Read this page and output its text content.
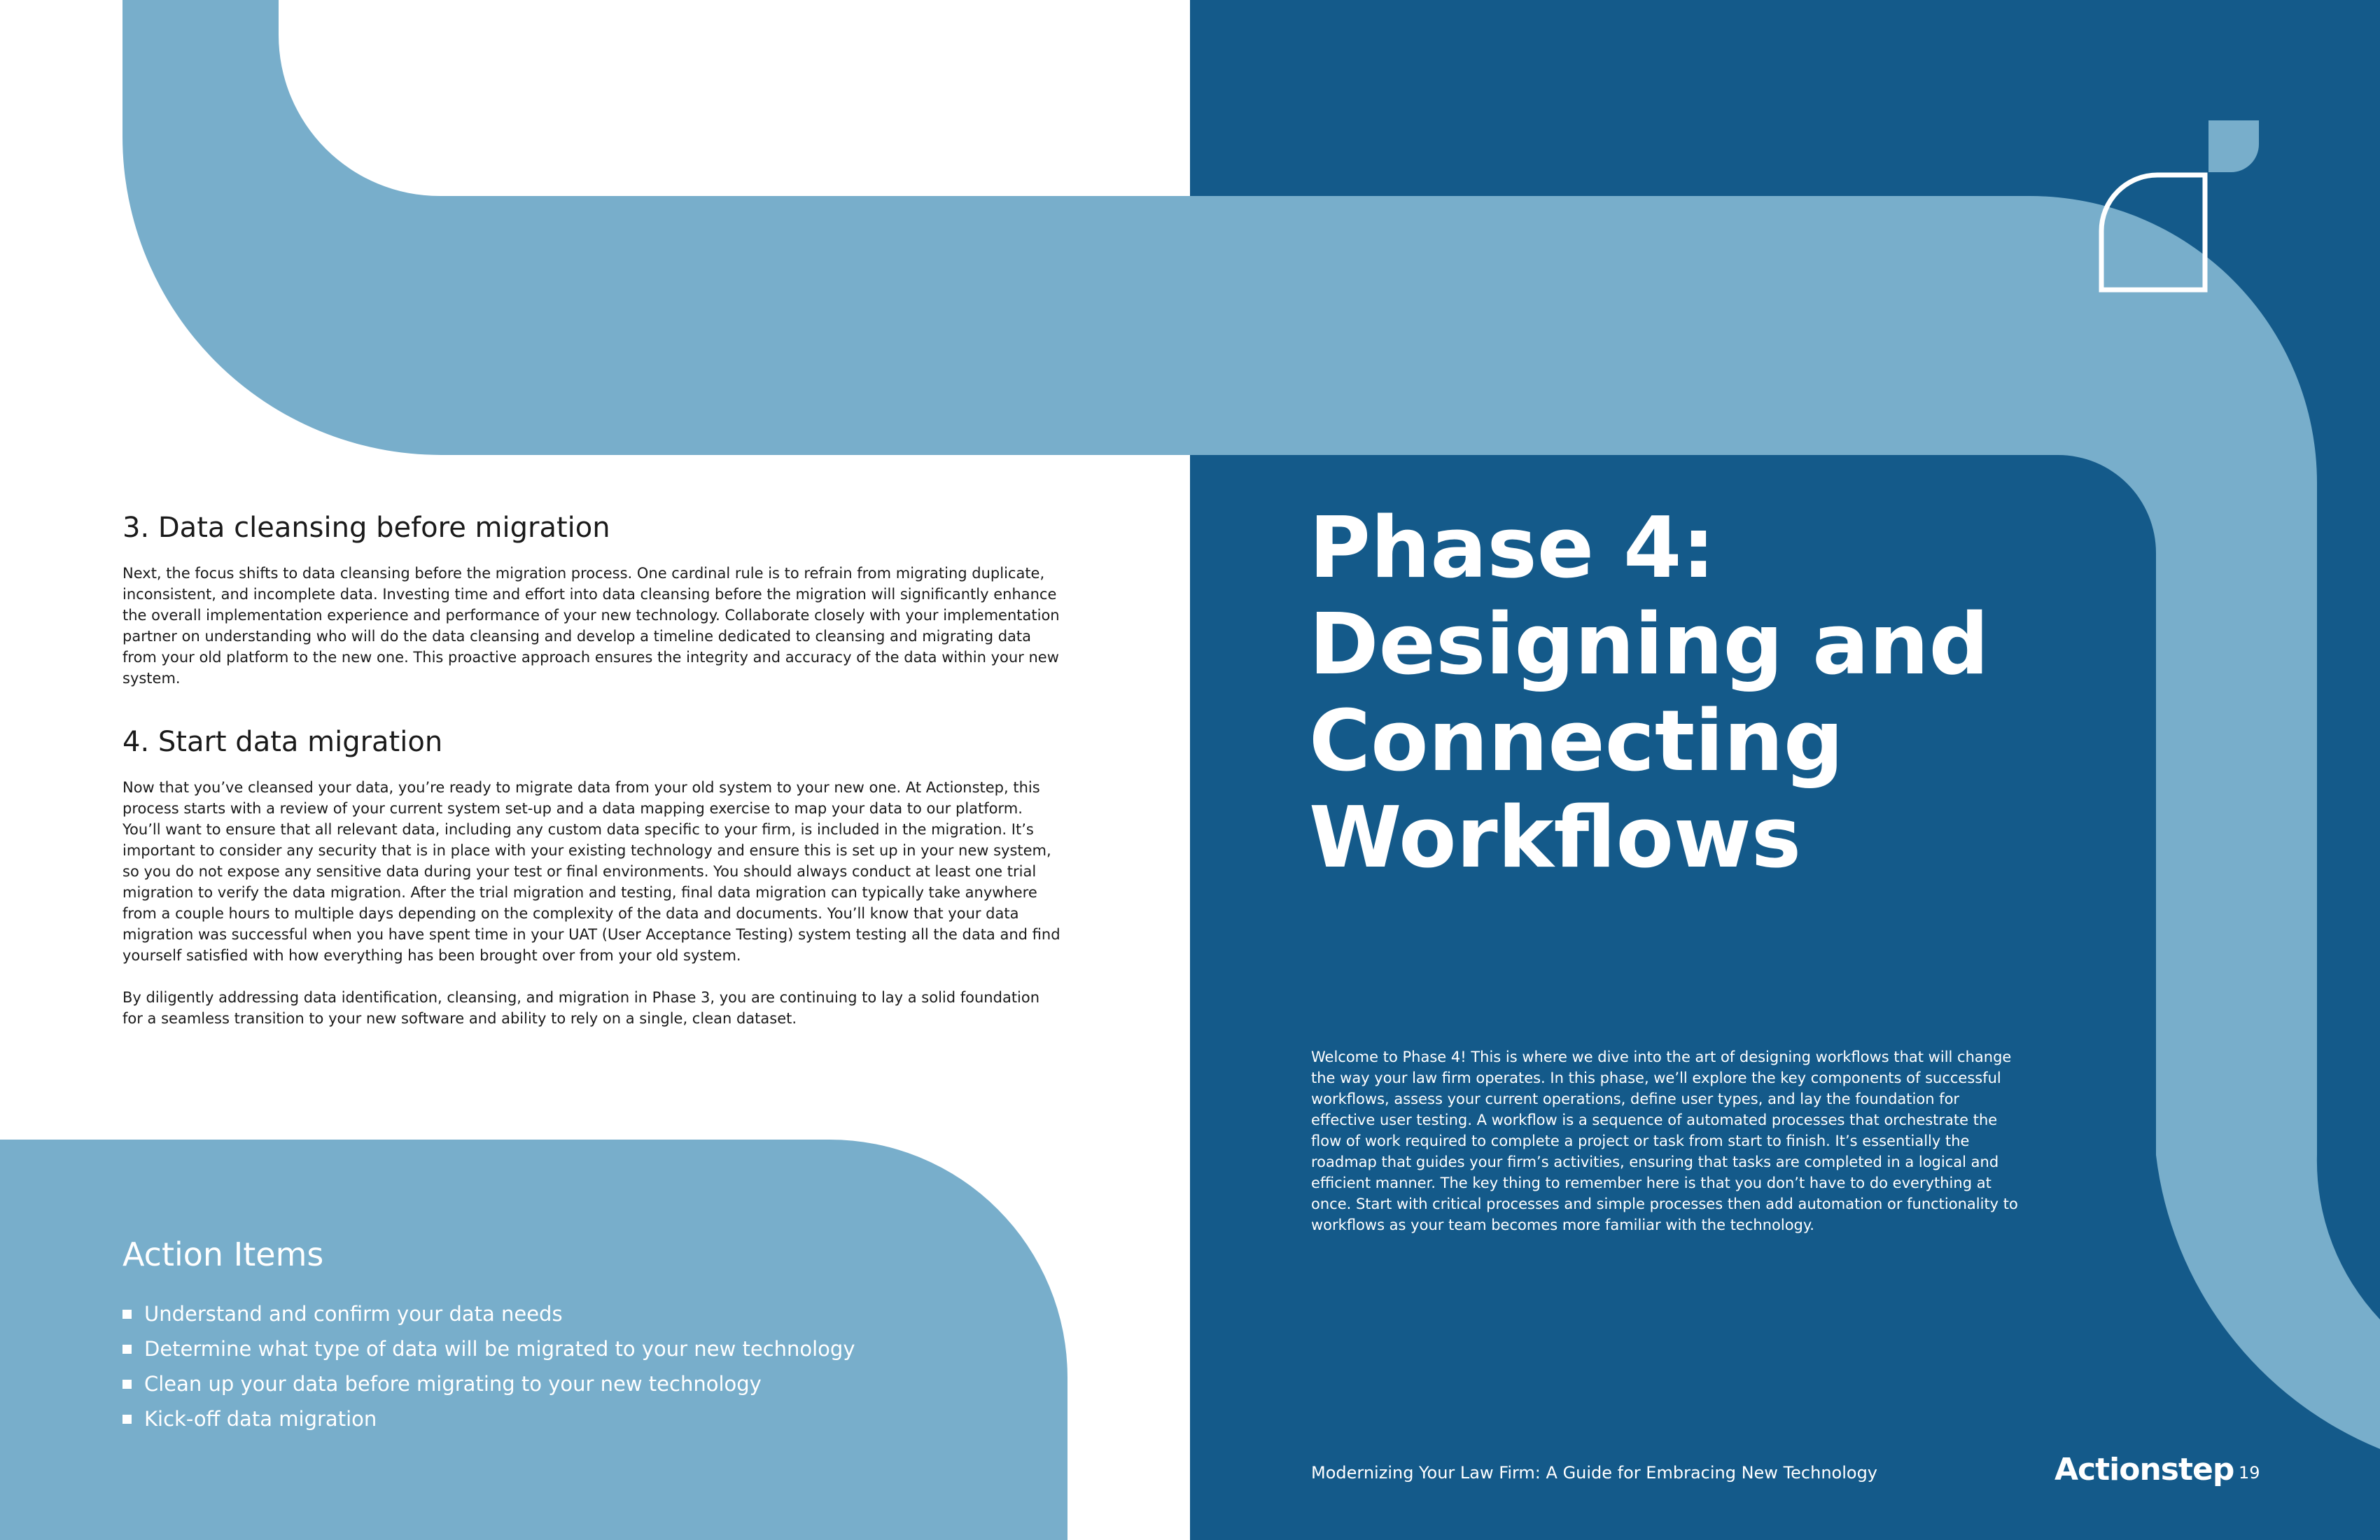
3. Data cleansing before migration

Next, the focus shifts to data cleansing before the migration process. One cardinal rule is to refrain from migrating duplicate, inconsistent, and incomplete data. Investing time and effort into data cleansing before the migration will significantly enhance the overall implementation experience and performance of your new technology. Collaborate closely with your implementation partner on understanding who will do the data cleansing and develop a timeline dedicated to cleansing and migrating data from your old platform to the new one. This proactive approach ensures the integrity and accuracy of the data within your new system.

4. Start data migration

Now that you’ve cleansed your data, you’re ready to migrate data from your old system to your new one. At Actionstep, this process starts with a review of your current system set-up and a data mapping exercise to map your data to our platform. You’ll want to ensure that all relevant data, including any custom data specific to your firm, is included in the migration. It’s important to consider any security that is in place with your existing technology and ensure this is set up in your new system, so you do not expose any sensitive data during your test or final environments. You should always conduct at least one trial migration to verify the data migration. After the trial migration and testing, final data migration can typically take anywhere from a couple hours to multiple days depending on the complexity of the data and documents. You’ll know that your data migration was successful when you have spent time in your UAT (User Acceptance Testing) system testing all the data and find yourself satisfied with how everything has been brought over from your old system.

By diligently addressing data identification, cleansing, and migration in Phase 3, you are continuing to lay a solid foundation for a seamless transition to your new software and ability to rely on a single, clean dataset.

Action Items
Understand and confirm your data needs
Determine what type of data will be migrated to your new technology
Clean up your data before migrating to your new technology
Kick-off data migration
Phase 4:
Designing and
Connecting
Workflows

Welcome to Phase 4! This is where we dive into the art of designing workflows that will change the way your law firm operates. In this phase, we’ll explore the key components of successful workflows, assess your current operations, define user types, and lay the foundation for effective user testing. A workflow is a sequence of automated processes that orchestrate the flow of work required to complete a project or task from start to finish. It’s essentially the roadmap that guides your firm’s activities, ensuring that tasks are completed in a logical and efficient manner. The key thing to remember here is that you don’t have to do everything at once. Start with critical processes and simple processes then add automation or functionality to workflows as your team becomes more familiar with the technology.

Modernizing Your Law Firm: A Guide for Embracing New Technology	Actionstep 19
